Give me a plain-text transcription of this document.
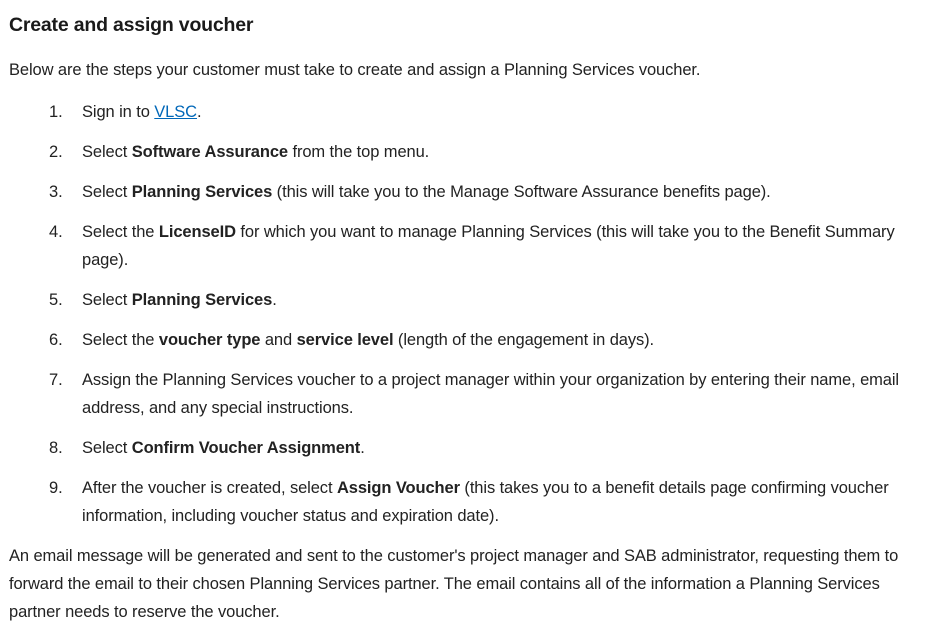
Create and assign voucher

Below are the steps your customer must take to create and assign a Planning Services voucher.

1.	Sign in to VLSC.
2.	Select Software Assurance from the top menu.
3.	Select Planning Services (this will take you to the Manage Software Assurance benefits page).
4.	Select the LicenseID for which you want to manage Planning Services (this will take you to the Benefit Summary page).
5.	Select Planning Services.
6.	Select the voucher type and service level (length of the engagement in days).
7.	Assign the Planning Services voucher to a project manager within your organization by entering their name, email address, and any special instructions.
8.	Select Confirm Voucher Assignment.
9.	After the voucher is created, select Assign Voucher (this takes you to a benefit details page confirming voucher information, including voucher status and expiration date).

An email message will be generated and sent to the customer's project manager and SAB administrator, requesting them to forward the email to their chosen Planning Services partner. The email contains all of the information a Planning Services partner needs to reserve the voucher.
